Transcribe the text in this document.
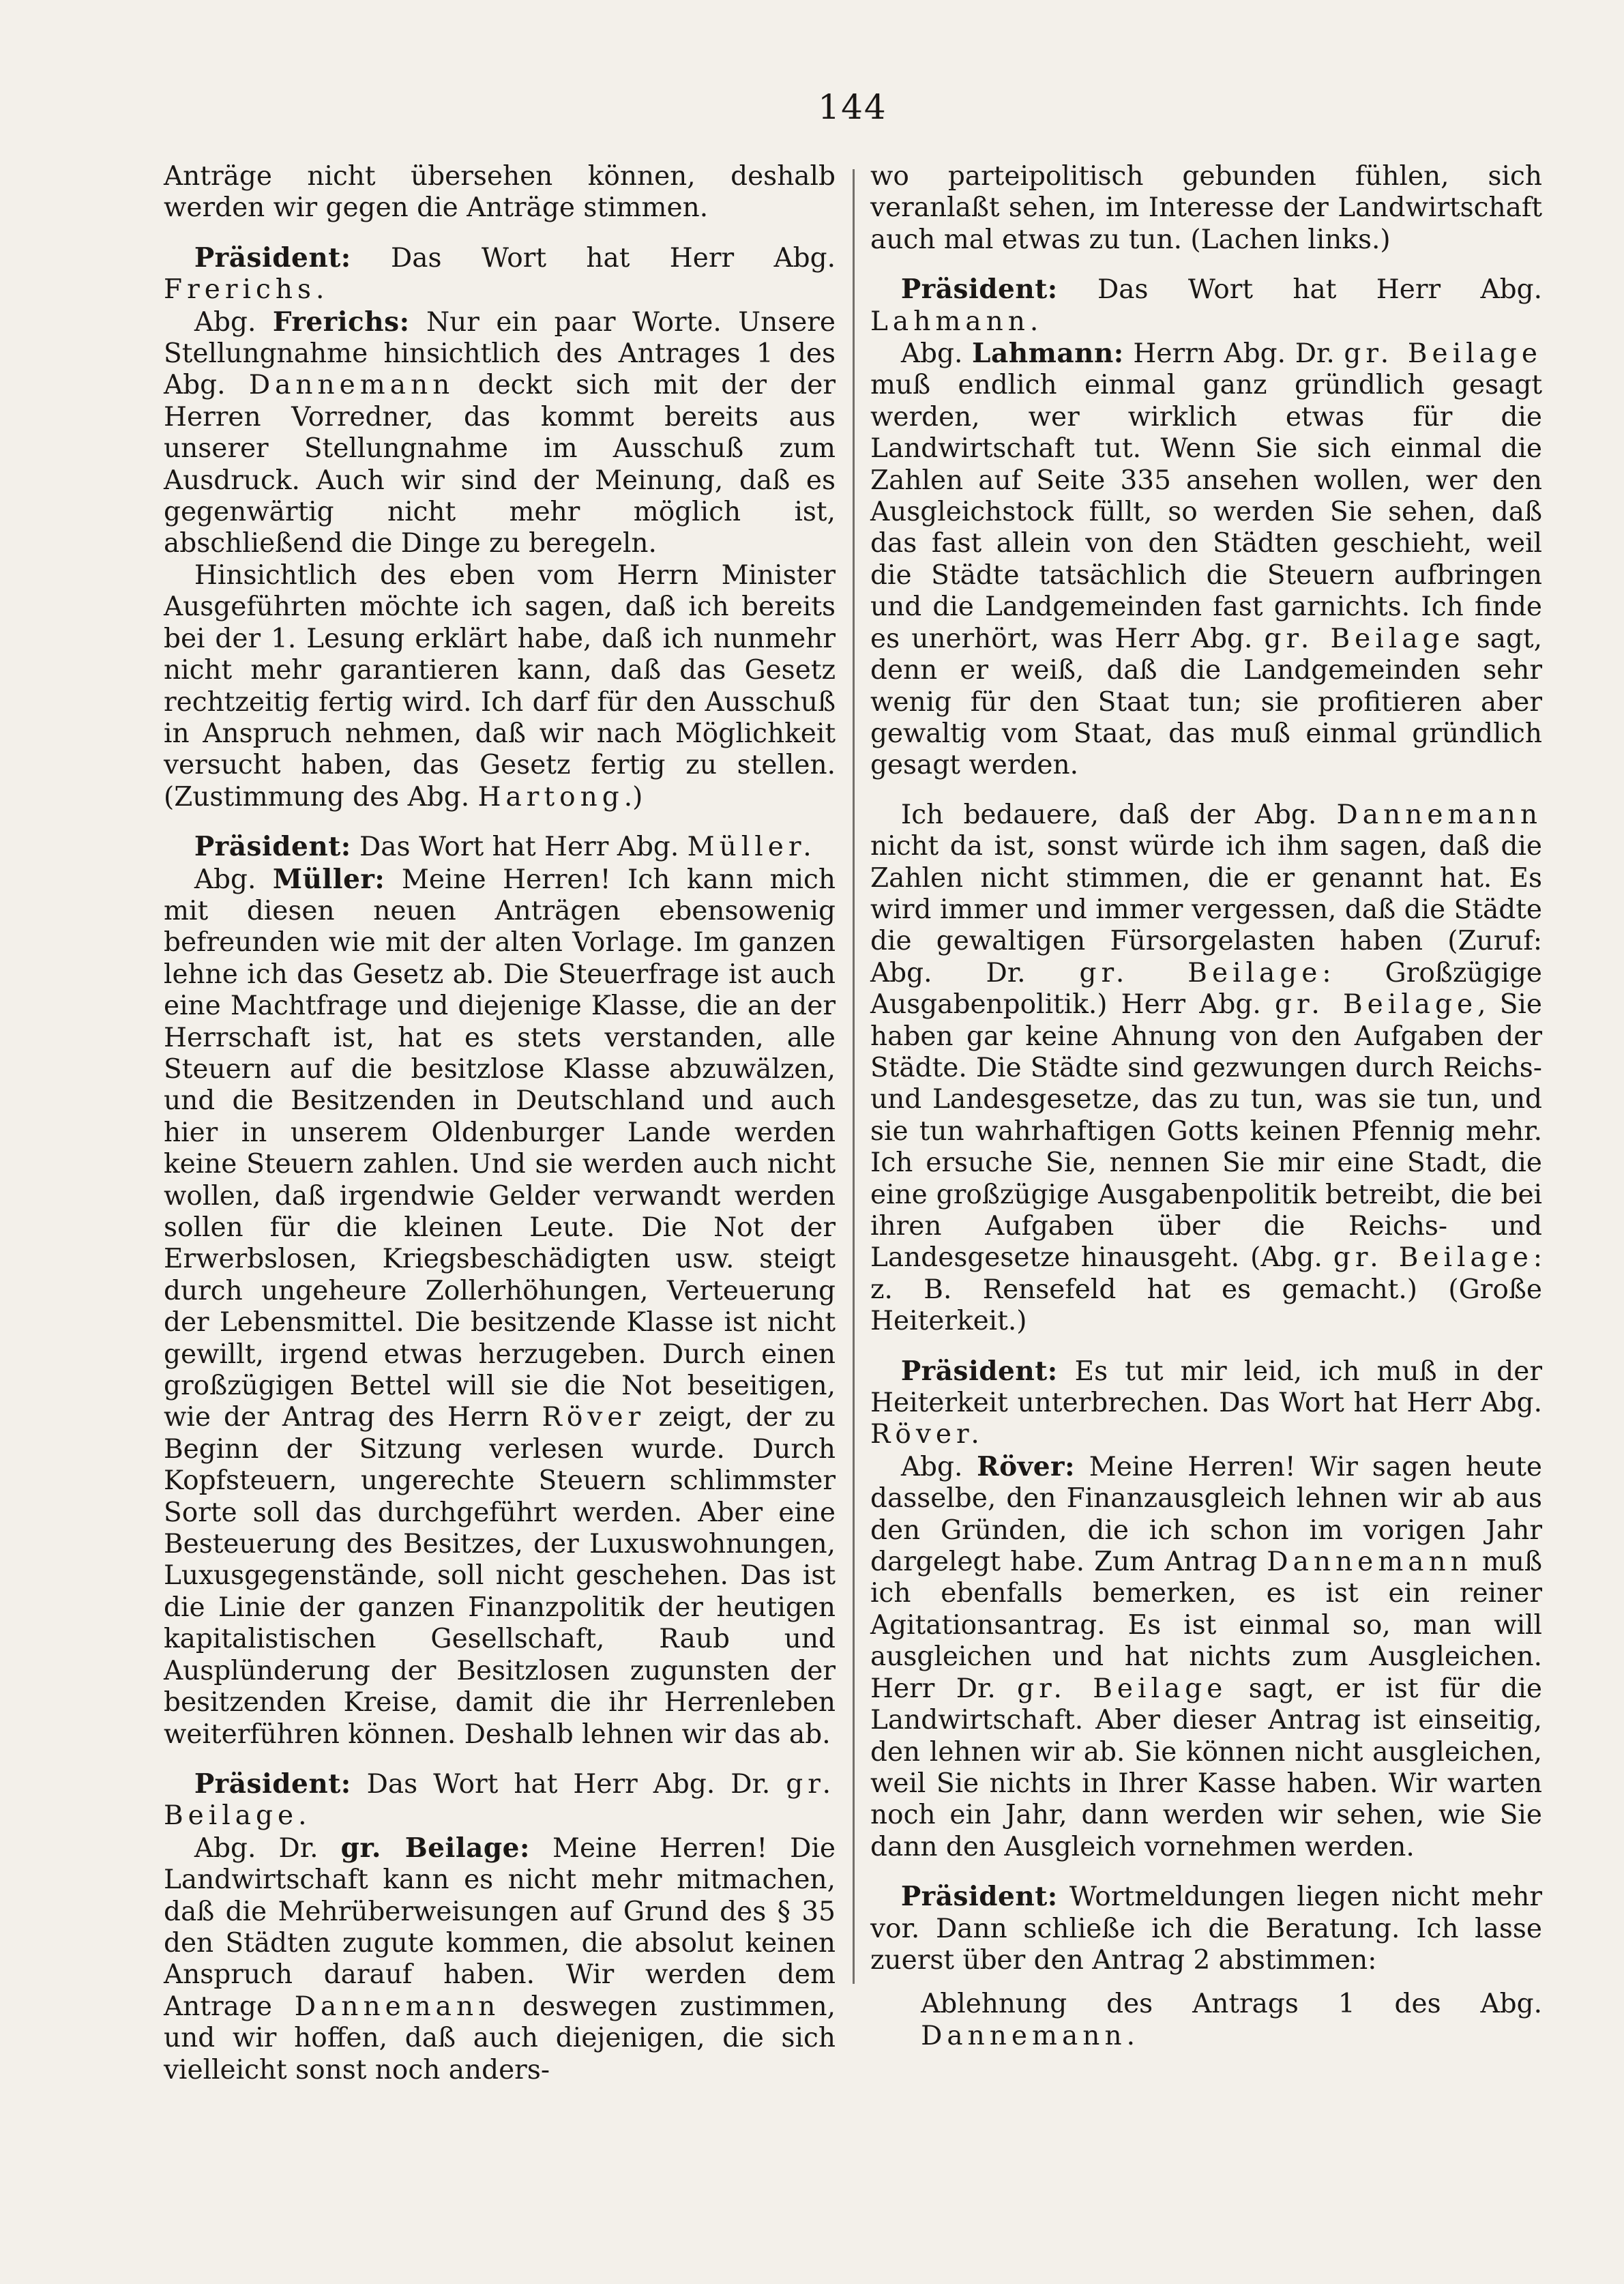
144

Anträge nicht übersehen können, deshalb werden wir gegen die Anträge stimmen.

Präsident: Das Wort hat Herr Abg. Frerichs.

Abg. Frerichs: Nur ein paar Worte. Unsere Stellungnahme hinsichtlich des Antrages 1 des Abg. Dannemann deckt sich mit der der Herren Vorredner, das kommt bereits aus unserer Stellungnahme im Ausschuß zum Ausdruck. Auch wir sind der Meinung, daß es gegenwärtig nicht mehr möglich ist, abschließend die Dinge zu beregeln.

Hinsichtlich des eben vom Herrn Minister Ausgeführten möchte ich sagen, daß ich bereits bei der 1. Lesung erklärt habe, daß ich nunmehr nicht mehr garantieren kann, daß das Gesetz rechtzeitig fertig wird. Ich darf für den Ausschuß in Anspruch nehmen, daß wir nach Möglichkeit versucht haben, das Gesetz fertig zu stellen. (Zustimmung des Abg. Hartong.)

Präsident: Das Wort hat Herr Abg. Müller.

Abg. Müller: Meine Herren! Ich kann mich mit diesen neuen Anträgen ebensowenig befreunden wie mit der alten Vorlage. Im ganzen lehne ich das Gesetz ab. Die Steuerfrage ist auch eine Machtfrage und diejenige Klasse, die an der Herrschaft ist, hat es stets verstanden, alle Steuern auf die besitzlose Klasse abzuwälzen, und die Besitzenden in Deutschland und auch hier in unserem Oldenburger Lande werden keine Steuern zahlen. Und sie werden auch nicht wollen, daß irgendwie Gelder verwandt werden sollen für die kleinen Leute. Die Not der Erwerbslosen, Kriegsbeschädigten usw. steigt durch ungeheure Zollerhöhungen, Verteuerung der Lebensmittel. Die besitzende Klasse ist nicht gewillt, irgend etwas herzugeben. Durch einen großzügigen Bettel will sie die Not beseitigen, wie der Antrag des Herrn Röver zeigt, der zu Beginn der Sitzung verlesen wurde. Durch Kopfsteuern, ungerechte Steuern schlimmster Sorte soll das durchgeführt werden. Aber eine Besteuerung des Besitzes, der Luxuswohnungen, Luxusgegenstände, soll nicht geschehen. Das ist die Linie der ganzen Finanzpolitik der heutigen kapitalistischen Gesellschaft, Raub und Ausplünderung der Besitzlosen zugunsten der besitzenden Kreise, damit die ihr Herrenleben weiterführen können. Deshalb lehnen wir das ab.

Präsident: Das Wort hat Herr Abg. Dr. gr. Beilage.

Abg. Dr. gr. Beilage: Meine Herren! Die Landwirtschaft kann es nicht mehr mitmachen, daß die Mehrüberweisungen auf Grund des § 35 den Städten zugute kommen, die absolut keinen Anspruch darauf haben. Wir werden dem Antrage Dannemann deswegen zustimmen, und wir hoffen, daß auch diejenigen, die sich vielleicht sonst noch anders-

wo parteipolitisch gebunden fühlen, sich veranlaßt sehen, im Interesse der Landwirtschaft auch mal etwas zu tun. (Lachen links.)

Präsident: Das Wort hat Herr Abg. Lahmann.

Abg. Lahmann: Herrn Abg. Dr. gr. Beilage muß endlich einmal ganz gründlich gesagt werden, wer wirklich etwas für die Landwirtschaft tut. Wenn Sie sich einmal die Zahlen auf Seite 335 ansehen wollen, wer den Ausgleichstock füllt, so werden Sie sehen, daß das fast allein von den Städten geschieht, weil die Städte tatsächlich die Steuern aufbringen und die Landgemeinden fast garnichts. Ich finde es unerhört, was Herr Abg. gr. Beilage sagt, denn er weiß, daß die Landgemeinden sehr wenig für den Staat tun; sie profitieren aber gewaltig vom Staat, das muß einmal gründlich gesagt werden.

Ich bedauere, daß der Abg. Dannemann nicht da ist, sonst würde ich ihm sagen, daß die Zahlen nicht stimmen, die er genannt hat. Es wird immer und immer vergessen, daß die Städte die gewaltigen Fürsorgelasten haben (Zuruf: Abg. Dr. gr. Beilage: Großzügige Ausgabenpolitik.) Herr Abg. gr. Beilage, Sie haben gar keine Ahnung von den Aufgaben der Städte. Die Städte sind gezwungen durch Reichs- und Landesgesetze, das zu tun, was sie tun, und sie tun wahrhaftigen Gotts keinen Pfennig mehr. Ich ersuche Sie, nennen Sie mir eine Stadt, die eine großzügige Ausgabenpolitik betreibt, die bei ihren Aufgaben über die Reichs- und Landesgesetze hinausgeht. (Abg. gr. Beilage: z. B. Rensefeld hat es gemacht.) (Große Heiterkeit.)

Präsident: Es tut mir leid, ich muß in der Heiterkeit unterbrechen. Das Wort hat Herr Abg. Röver.

Abg. Röver: Meine Herren! Wir sagen heute dasselbe, den Finanzausgleich lehnen wir ab aus den Gründen, die ich schon im vorigen Jahr dargelegt habe. Zum Antrag Dannemann muß ich ebenfalls bemerken, es ist ein reiner Agitationsantrag. Es ist einmal so, man will ausgleichen und hat nichts zum Ausgleichen. Herr Dr. gr. Beilage sagt, er ist für die Landwirtschaft. Aber dieser Antrag ist einseitig, den lehnen wir ab. Sie können nicht ausgleichen, weil Sie nichts in Ihrer Kasse haben. Wir warten noch ein Jahr, dann werden wir sehen, wie Sie dann den Ausgleich vornehmen werden.

Präsident: Wortmeldungen liegen nicht mehr vor. Dann schließe ich die Beratung. Ich lasse zuerst über den Antrag 2 abstimmen:

Ablehnung des Antrags 1 des Abg. Dannemann.
